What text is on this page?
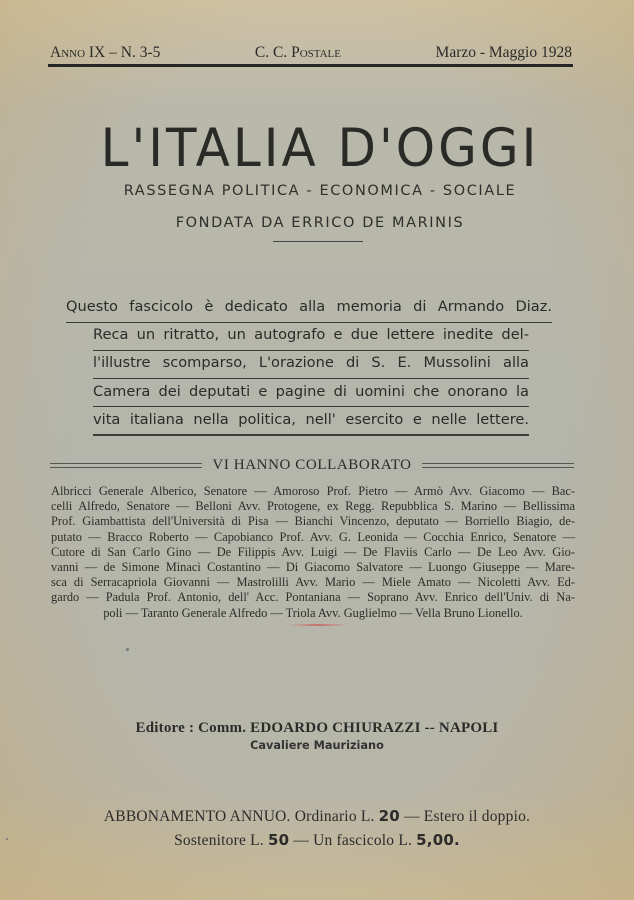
Anno IX – N. 3-5	C. C. Postale	Marzo - Maggio 1928
L'ITALIA D'OGGI
RASSEGNA POLITICA - ECONOMICA - SOCIALE
FONDATA DA ERRICO DE MARINIS
Questo fascicolo è dedicato alla memoria di Armando Diaz.
Reca un ritratto, un autografo e due lettere inedite del-
l'illustre scomparso, L'orazione di S. E. Mussolini alla
Camera dei deputati e pagine di uomini che onorano la
vita italiana nella politica, nell' esercito e nelle lettere.
VI HANNO COLLABORATO
Albricci Generale Alberico, Senatore — Amoroso Prof. Pietro — Armò Avv. Giacomo — Bac-
celli Alfredo, Senatore — Belloni Avv. Protogene, ex Regg. Repubblica S. Marino — Bellissima
Prof. Giambattista dell'Università di Pisa — Bianchi Vincenzo, deputato — Borriello Biagio, de-
putato — Bracco Roberto — Capobianco Prof. Avv. G. Leonida — Cocchia Enrico, Senatore —
Cutore di San Carlo Gino — De Filippis Avv. Luigi — De Flaviis Carlo — De Leo Avv. Gio-
vanni — de Simone Minaci Costantino — Di Giacomo Salvatore — Luongo Giuseppe — Mare-
sca di Serracapriola Giovanni — Mastrolilli Avv. Mario — Miele Amato — Nicoletti Avv. Ed-
gardo — Padula Prof. Antonio, dell' Acc. Pontaniana — Soprano Avv. Enrico dell'Univ. di Na-
poli — Taranto Generale Alfredo — Triola Avv. Guglielmo — Vella Bruno Lionello.
Editore : Comm. EDOARDO CHIURAZZI -- NAPOLI
Cavaliere Mauriziano
ABBONAMENTO ANNUO. Ordinario L. 20 — Estero il doppio.
Sostenitore L. 50 — Un fascicolo L. 5,00.
